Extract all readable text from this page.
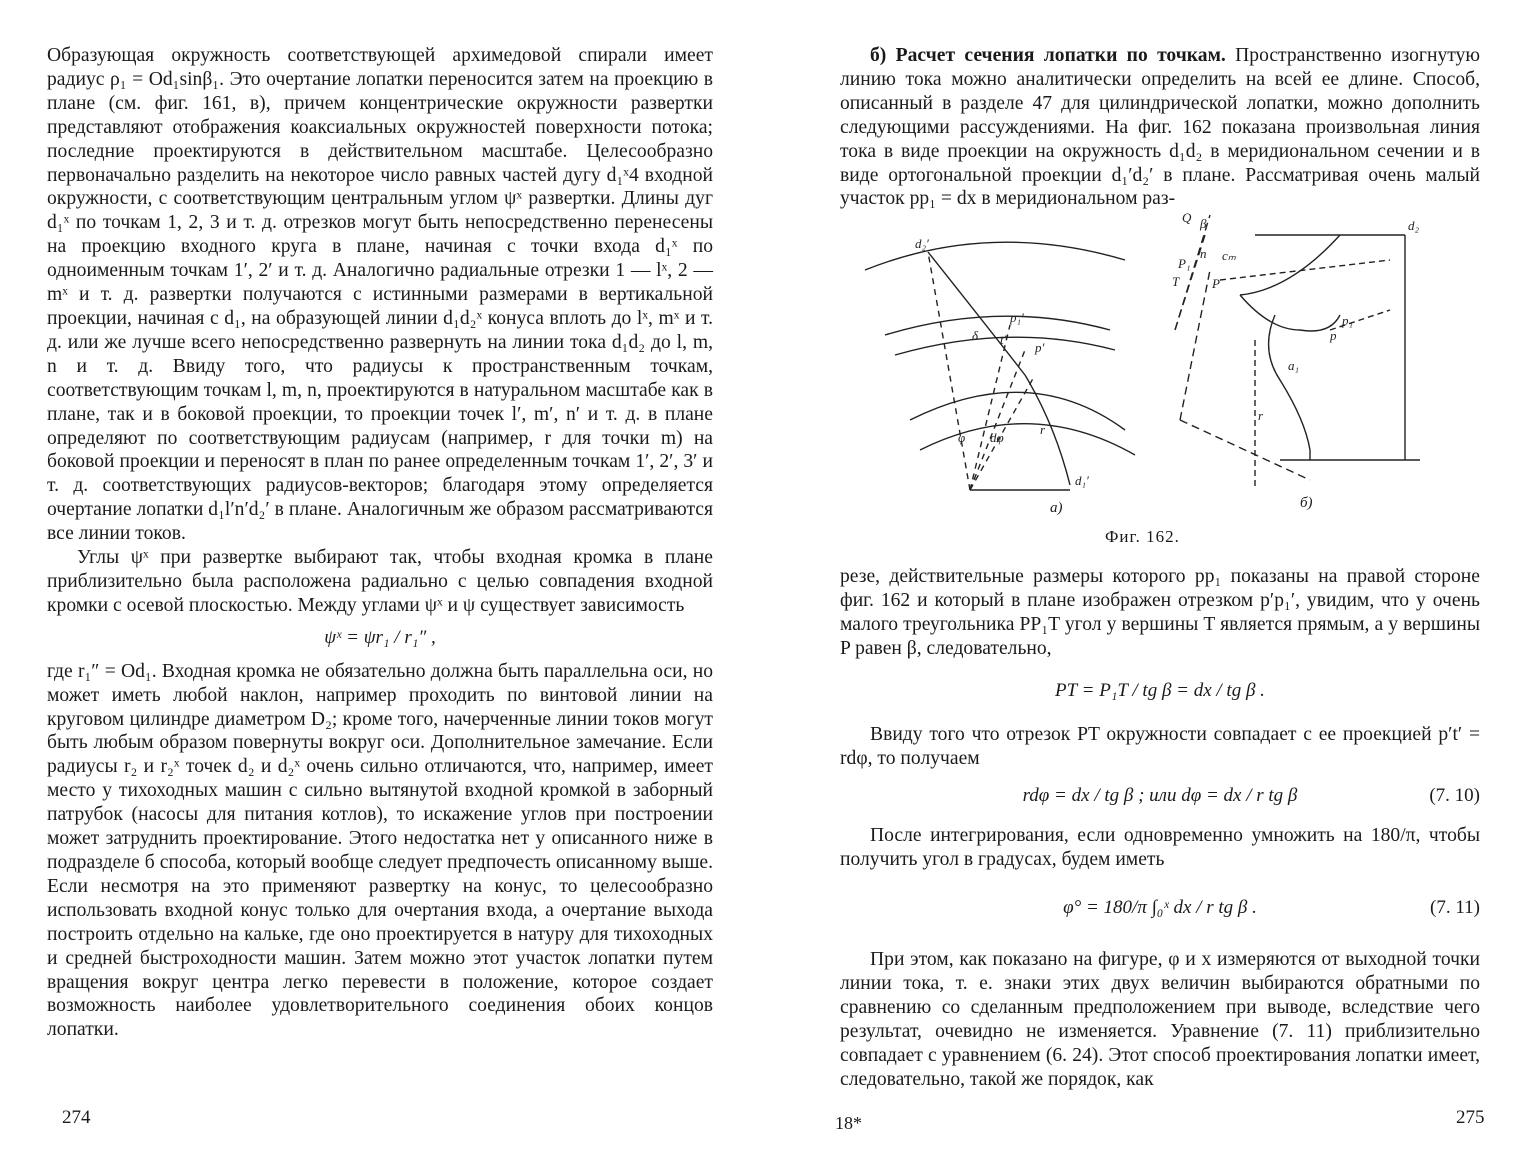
Образующая окружность соответствующей архимедовой спирали имеет радиус ρ₁ = Od₁sinβ₁. Это очертание лопатки переносится затем на проекцию в плане (см. фиг. 161, в), причем концентрические окружности развертки представляют отображения коаксиальных окружностей поверхности потока; последние проектируются в действительном масштабе. Целесообразно первоначально разделить на некоторое число равных частей дугу d₁ˣ4 входной окружности, с соответствующим центральным углом ψˣ развертки. Длины дуг d₁ˣ по точкам 1, 2, 3 и т. д. отрезков могут быть непосредственно перенесены на проекцию входного круга в плане, начиная с точки входа d₁ˣ по одноименным точкам 1′, 2′ и т. д. Аналогично радиальные отрезки 1 — lˣ, 2 — mˣ и т. д. развертки получаются с истинными размерами в вертикальной проекции, начиная с d₁, на образующей линии d₁d₂ˣ конуса вплоть до lˣ, mˣ и т. д. или же лучше всего непосредственно развернуть на линии тока d₁d₂ до l, m, n и т. д. Ввиду того, что радиусы к пространственным точкам, соответствующим точкам l, m, n, проектируются в натуральном масштабе как в плане, так и в боковой проекции, то проекции точек l′, m′, n′ и т. д. в плане определяют по соответствующим радиусам (например, r для точки m) на боковой проекции и переносят в план по ранее определенным точкам 1′, 2′, 3′ и т. д. соответствующих радиусов-векторов; благодаря этому определяется очертание лопатки d₁l′n′d₂′ в плане. Аналогичным же образом рассматриваются все линии токов.

Углы ψˣ при развертке выбирают так, чтобы входная кромка в плане приблизительно была расположена радиально с целью совпадения входной кромки с осевой плоскостью. Между углами ψˣ и ψ существует зависимость

ψˣ = ψr₁ / r₁″ ,

где r₁″ = Od₁. Входная кромка не обязательно должна быть параллельна оси, но может иметь любой наклон, например проходить по винтовой линии на круговом цилиндре диаметром D₂; кроме того, начерченные линии токов могут быть любым образом повернуты вокруг оси. Дополнительное замечание. Если радиусы r₂ и r₂ˣ точек d₂ и d₂ˣ очень сильно отличаются, что, например, имеет место у тихоходных машин с сильно вытянутой входной кромкой в заборный патрубок (насосы для питания котлов), то искажение углов при построении может затруднить проектирование. Этого недостатка нет у описанного ниже в подразделе б способа, который вообще следует предпочесть описанному выше. Если несмотря на это применяют развертку на конус, то целесообразно использовать входной конус только для очертания входа, а очертание выхода построить отдельно на кальке, где оно проектируется в натуру для тихоходных и средней быстроходности машин. Затем можно этот участок лопатки путем вращения вокруг центра легко перевести в положение, которое создает возможность наиболее удовлетворительного соединения обоих концов лопатки.

274

б) Расчет сечения лопатки по точкам. Пространственно изогнутую линию тока можно аналитически определить на всей ее длине. Способ, описанный в разделе 47 для цилиндрической лопатки, можно дополнить следующими рассуждениями. На фиг. 162 показана произвольная линия тока в виде проекции на окружность d₁d₂ в меридиональном сечении и в виде ортогональной проекции d₁′d₂′ в плане. Рассматривая очень малый участок pp₁ = dx в меридиональном раз-

d₂′
p₁′
t′
p′
δ
dφ
φ
r
d₁′
Q β
P₁
T
n cₘ
P
d₂
p₁
p
a₁
r
a)	б)
Фиг. 162.

резе, действительные размеры которого pp₁ показаны на правой стороне фиг. 162 и который в плане изображен отрезком p′p₁′, увидим, что у очень малого треугольника PP₁T угол у вершины T является прямым, а у вершины P равен β, следовательно,

PT = P₁T / tg β = dx / tg β .

Ввиду того что отрезок PT окружности совпадает с ее проекцией p′t′ = rdφ, то получаем

rdφ = dx / tg β ; или dφ = dx / r tg β	(7. 10)

После интегрирования, если одновременно умножить на 180/π, чтобы получить угол в градусах, будем иметь

φ° = 180/π ∫₀ˣ dx / r tg β .	(7. 11)

При этом, как показано на фигуре, φ и x измеряются от выходной точки линии тока, т. е. знаки этих двух величин выбираются обратными по сравнению со сделанным предположением при выводе, вследствие чего результат, очевидно не изменяется. Уравнение (7. 11) приблизительно совпадает с уравнением (6. 24). Этот способ проектирования лопатки имеет, следовательно, такой же порядок, как

18*	275
